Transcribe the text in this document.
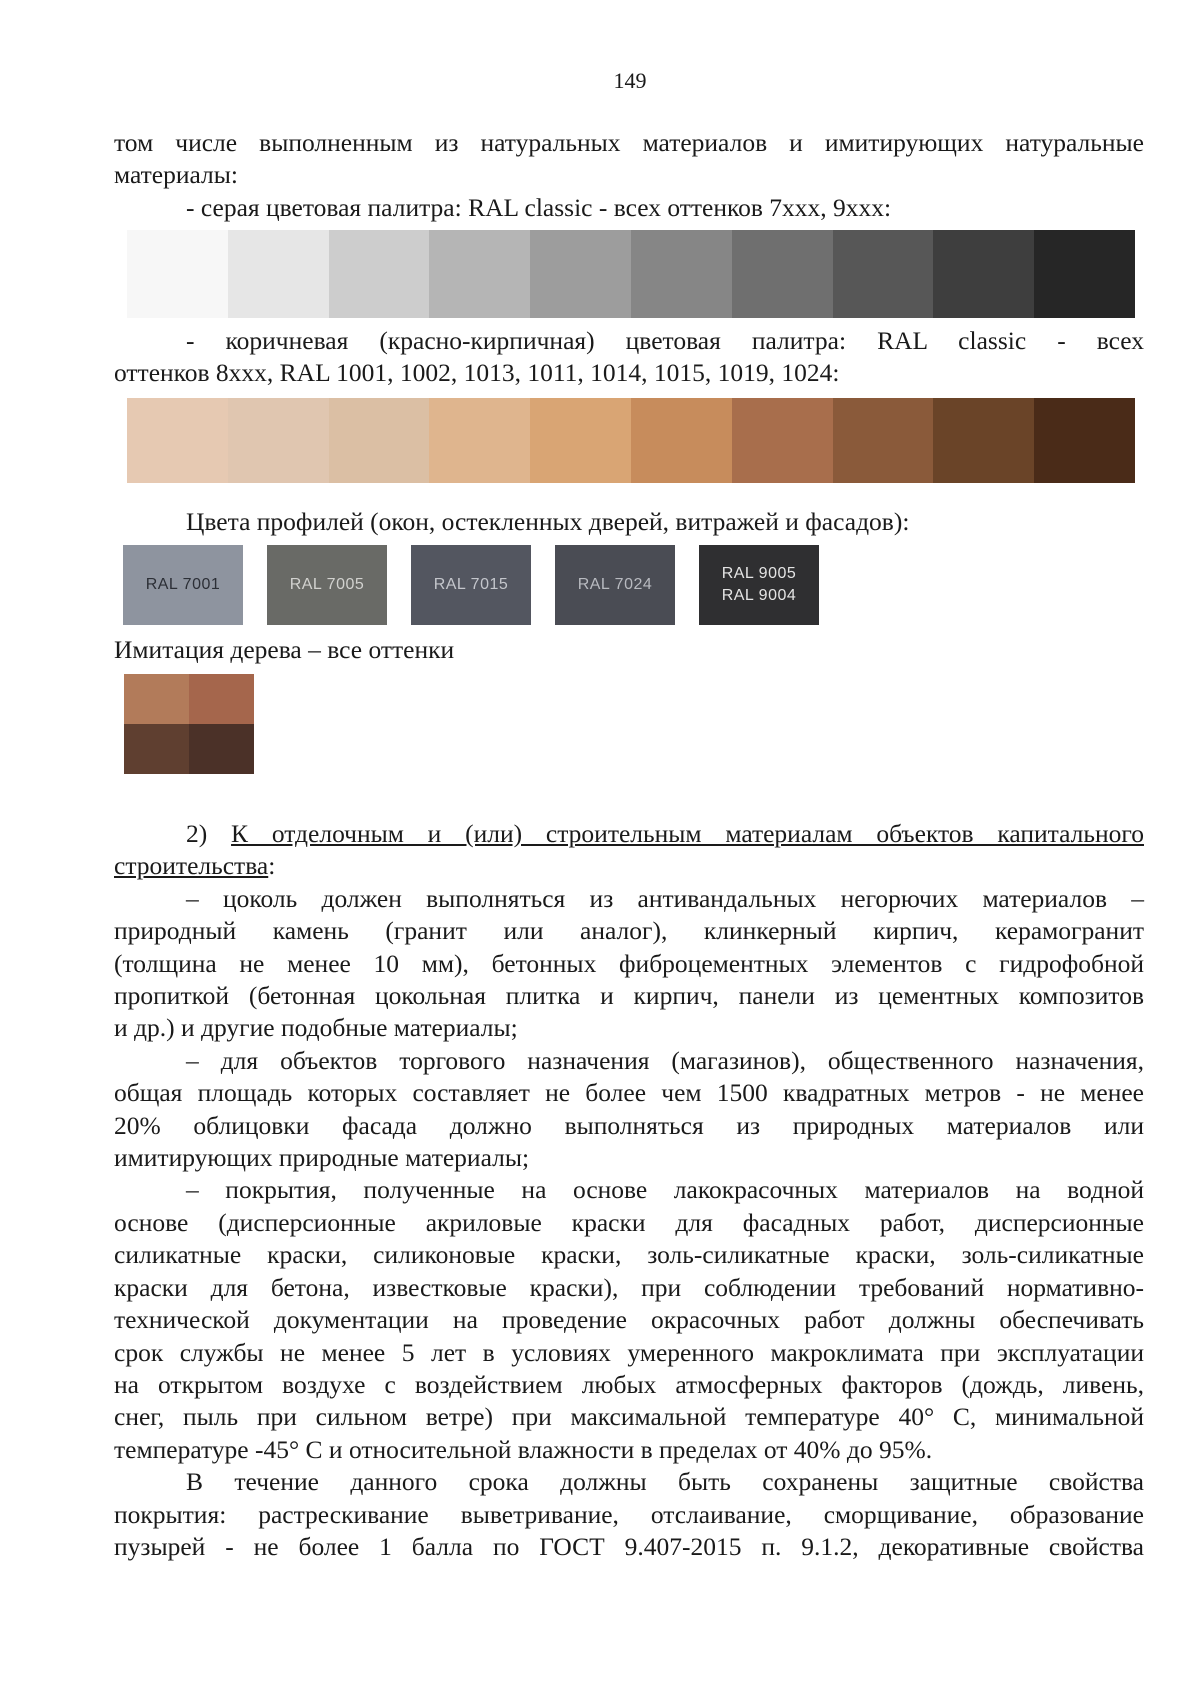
149
том числе выполненным из натуральных материалов и имитирующих натуральные
материалы:
- серая цветовая палитра: RAL classic - всех оттенков 7xxx, 9xxx:
- коричневая (красно-кирпичная) цветовая палитра: RAL classic - всех
оттенков 8xxx, RAL 1001, 1002, 1013, 1011, 1014, 1015, 1019, 1024:
Цвета профилей (окон, остекленных дверей, витражей и фасадов):
RAL 7001	RAL 7005	RAL 7015	RAL 7024
RAL 9005
RAL 9004
Имитация дерева – все оттенки
2) К отделочным и (или) строительным материалам объектов капитального
строительства:
– цоколь должен выполняться из антивандальных негорючих материалов –
природный камень (гранит или аналог), клинкерный кирпич, керамогранит
(толщина не менее 10 мм), бетонных фиброцементных элементов с гидрофобной
пропиткой (бетонная цокольная плитка и кирпич, панели из цементных композитов
и др.) и другие подобные материалы;
– для объектов торгового назначения (магазинов), общественного назначения,
общая площадь которых составляет не более чем 1500 квадратных метров - не менее
20% облицовки фасада должно выполняться из природных материалов или
имитирующих природные материалы;
– покрытия, полученные на основе лакокрасочных материалов на водной
основе (дисперсионные акриловые краски для фасадных работ, дисперсионные
силикатные краски, силиконовые краски, золь-силикатные краски, золь-силикатные
краски для бетона, известковые краски), при соблюдении требований нормативно-
технической документации на проведение окрасочных работ должны обеспечивать
срок службы не менее 5 лет в условиях умеренного макроклимата при эксплуатации
на открытом воздухе с воздействием любых атмосферных факторов (дождь, ливень,
снег, пыль при сильном ветре) при максимальной температуре 40° С, минимальной
температуре -45° С и относительной влажности в пределах от 40% до 95%.
В течение данного срока должны быть сохранены защитные свойства
покрытия: растрескивание выветривание, отслаивание, сморщивание, образование
пузырей - не более 1 балла по ГОСТ 9.407-2015 п. 9.1.2, декоративные свойства
